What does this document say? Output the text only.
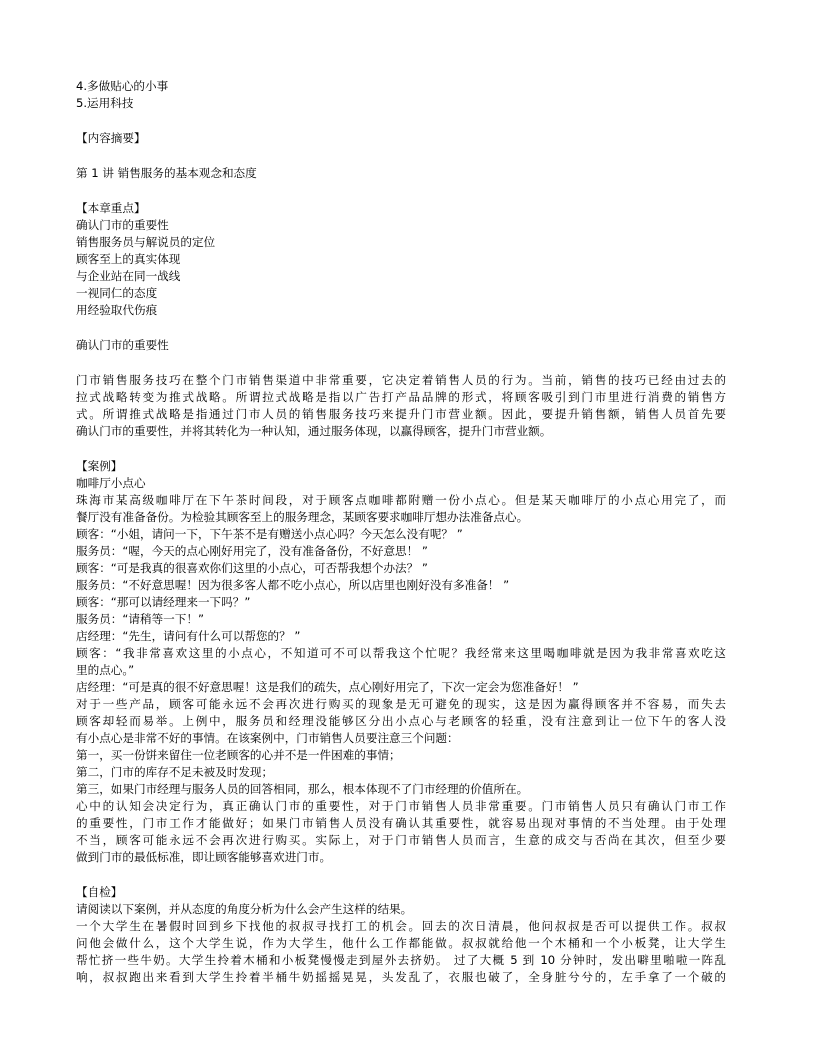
4.多做贴心的小事
5.运用科技
【内容摘要】
第 1 讲 销售服务的基本观念和态度
【本章重点】
确认门市的重要性
销售服务员与解说员的定位
顾客至上的真实体现
与企业站在同一战线
一视同仁的态度
用经验取代伤痕
确认门市的重要性
门市销售服务技巧在整个门市销售渠道中非常重要，它决定着销售人员的行为。当前，销售的技巧已经由过去的
拉式战略转变为推式战略。所谓拉式战略是指以广告打产品品牌的形式，将顾客吸引到门市里进行消费的销售方
式。所谓推式战略是指通过门市人员的销售服务技巧来提升门市营业额。因此，要提升销售额，销售人员首先要
确认门市的重要性，并将其转化为一种认知，通过服务体现，以赢得顾客，提升门市营业额。
【案例】
咖啡厅小点心
珠海市某高级咖啡厅在下午茶时间段，对于顾客点咖啡都附赠一份小点心。但是某天咖啡厅的小点心用完了，而
餐厅没有准备备份。为检验其顾客至上的服务理念，某顾客要求咖啡厅想办法准备点心。
顾客：“小姐，请问一下，下午茶不是有赠送小点心吗？今天怎么没有呢？ ”
服务员：“喔，今天的点心刚好用完了，没有准备备份，不好意思！ ”
顾客：“可是我真的很喜欢你们这里的小点心，可否帮我想个办法？ ”
服务员：“不好意思喔！因为很多客人都不吃小点心，所以店里也刚好没有多准备！ ”
顾客：“那可以请经理来一下吗？”
服务员：“请稍等一下！”
店经理：“先生，请问有什么可以帮您的？ ”
顾客：“我非常喜欢这里的小点心，不知道可不可以帮我这个忙呢？我经常来这里喝咖啡就是因为我非常喜欢吃这
里的点心。”
店经理：“可是真的很不好意思喔！这是我们的疏失，点心刚好用完了，下次一定会为您准备好！ ”
对于一些产品，顾客可能永远不会再次进行购买的现象是无可避免的现实，这是因为赢得顾客并不容易，而失去
顾客却轻而易举。上例中，服务员和经理没能够区分出小点心与老顾客的轻重，没有注意到让一位下午的客人没
有小点心是非常不好的事情。在该案例中，门市销售人员要注意三个问题：
第一，买一份饼来留住一位老顾客的心并不是一件困难的事情；
第二，门市的库存不足未被及时发现；
第三，如果门市经理与服务人员的回答相同，那么，根本体现不了门市经理的价值所在。
心中的认知会决定行为，真正确认门市的重要性，对于门市销售人员非常重要。门市销售人员只有确认门市工作
的重要性，门市工作才能做好；如果门市销售人员没有确认其重要性，就容易出现对事情的不当处理。由于处理
不当，顾客可能永远不会再次进行购买。实际上，对于门市销售人员而言，生意的成交与否尚在其次，但至少要
做到门市的最低标准，即让顾客能够喜欢进门市。
【自检】
请阅读以下案例，并从态度的角度分析为什么会产生这样的结果。
一个大学生在暑假时回到乡下找他的叔叔寻找打工的机会。回去的次日清晨，他问叔叔是否可以提供工作。叔叔
问他会做什么，这个大学生说，作为大学生，他什么工作都能做。叔叔就给他一个木桶和一个小板凳，让大学生
帮忙挤一些牛奶。大学生拎着木桶和小板凳慢慢走到屋外去挤奶。 过了大概 5 到 10 分钟时，发出噼里啪啦一阵乱
响，叔叔跑出来看到大学生拎着半桶牛奶摇摇晃晃，头发乱了，衣服也破了，全身脏兮兮的，左手拿了一个破的
